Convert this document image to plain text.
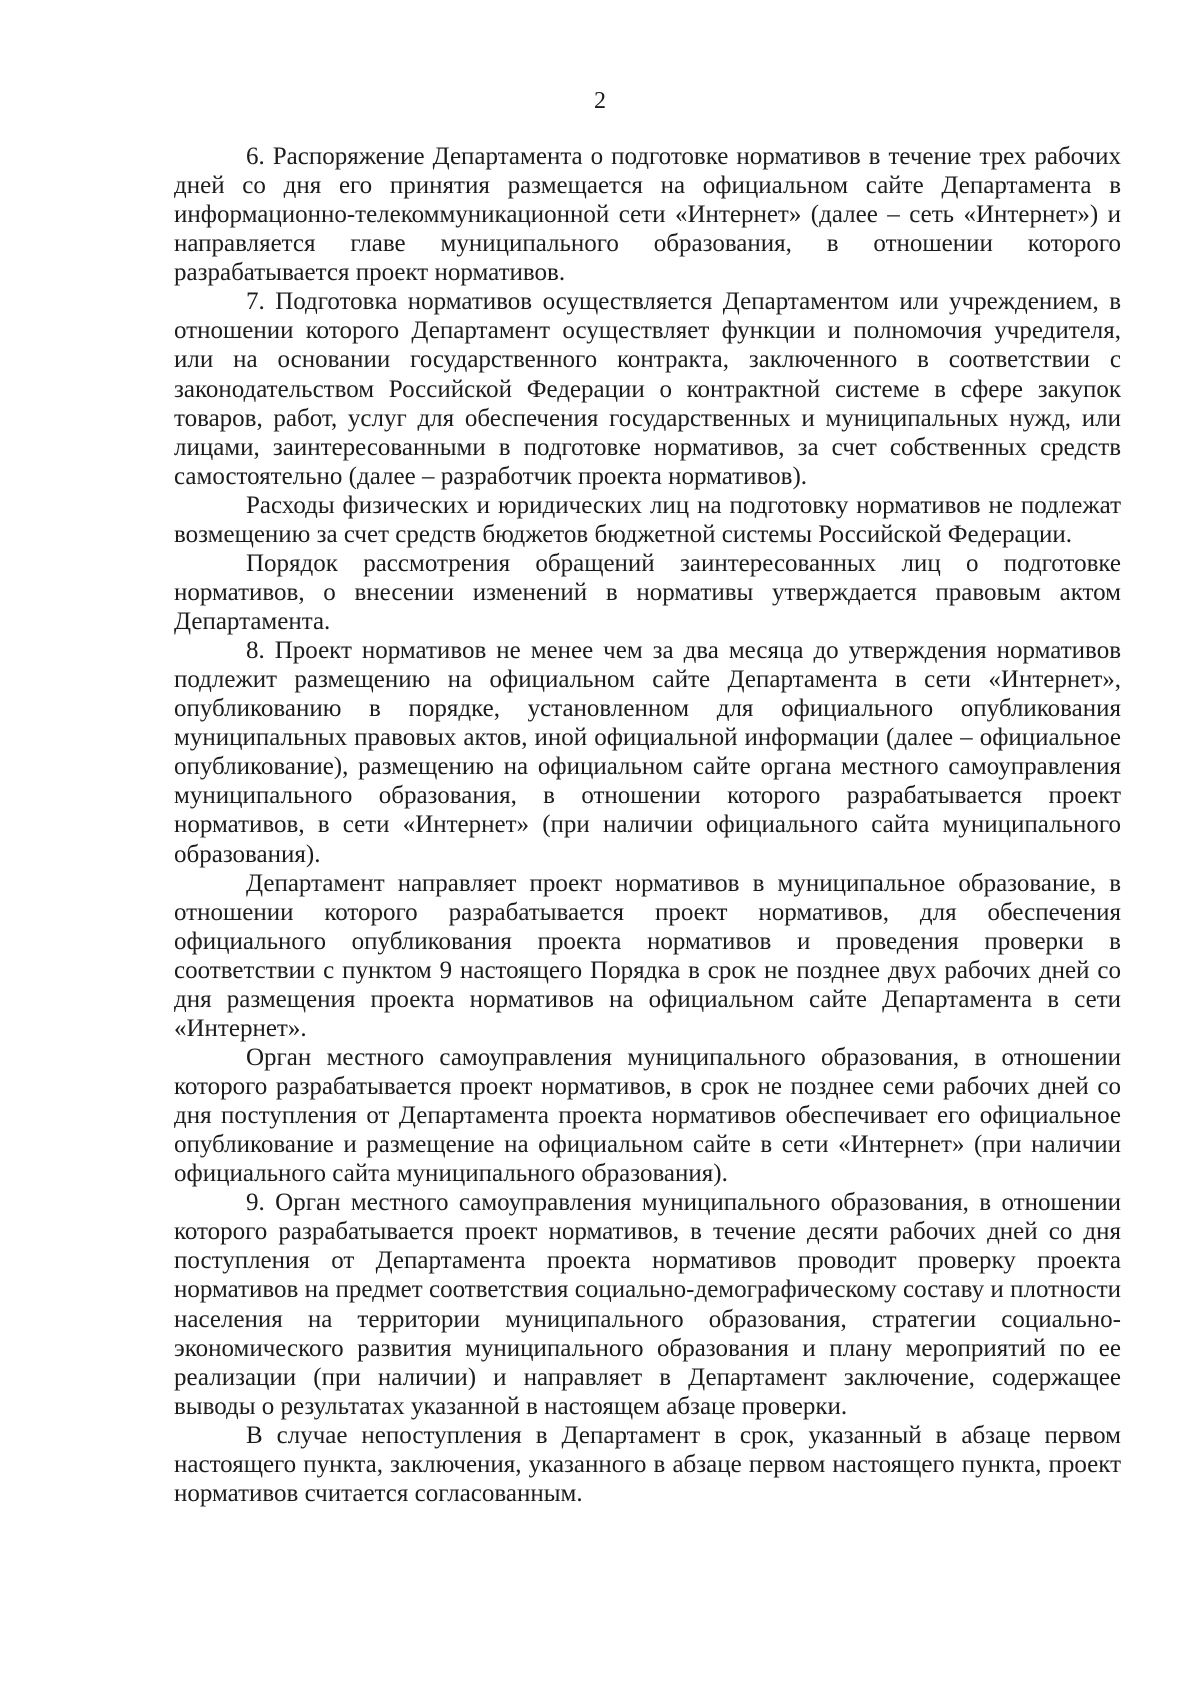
2

6. Распоряжение Департамента о подготовке нормативов в течение трех рабочих дней со дня его принятия размещается на официальном сайте Департамента в информационно-телекоммуникационной сети «Интернет» (далее – сеть «Интернет») и направляется главе муниципального образования, в отношении которого разрабатывается проект нормативов.

7. Подготовка нормативов осуществляется Департаментом или учреждением, в отношении которого Департамент осуществляет функции и полномочия учредителя, или на основании государственного контракта, заключенного в соответствии с законодательством Российской Федерации о контрактной системе в сфере закупок товаров, работ, услуг для обеспечения государственных и муниципальных нужд, или лицами, заинтересованными в подготовке нормативов, за счет собственных средств самостоятельно (далее – разработчик проекта нормативов).

Расходы физических и юридических лиц на подготовку нормативов не подлежат возмещению за счет средств бюджетов бюджетной системы Российской Федерации.

Порядок рассмотрения обращений заинтересованных лиц о подготовке нормативов, о внесении изменений в нормативы утверждается правовым актом Департамента.

8. Проект нормативов не менее чем за два месяца до утверждения нормативов подлежит размещению на официальном сайте Департамента в сети «Интернет», опубликованию в порядке, установленном для официального опубликования муниципальных правовых актов, иной официальной информации (далее – официальное опубликование), размещению на официальном сайте органа местного самоуправления муниципального образования, в отношении которого разрабатывается проект нормативов, в сети «Интернет» (при наличии официального сайта муниципального образования).

Департамент направляет проект нормативов в муниципальное образование, в отношении которого разрабатывается проект нормативов, для обеспечения официального опубликования проекта нормативов и проведения проверки в соответствии с пунктом 9 настоящего Порядка в срок не позднее двух рабочих дней со дня размещения проекта нормативов на официальном сайте Департамента в сети «Интернет».

Орган местного самоуправления муниципального образования, в отношении которого разрабатывается проект нормативов, в срок не позднее семи рабочих дней со дня поступления от Департамента проекта нормативов обеспечивает его официальное опубликование и размещение на официальном сайте в сети «Интернет» (при наличии официального сайта муниципального образования).

9. Орган местного самоуправления муниципального образования, в отношении которого разрабатывается проект нормативов, в течение десяти рабочих дней со дня поступления от Департамента проекта нормативов проводит проверку проекта нормативов на предмет соответствия социально-демографическому составу и плотности населения на территории муниципального образования, стратегии социально-экономического развития муниципального образования и плану мероприятий по ее реализации (при наличии) и направляет в Департамент заключение, содержащее выводы о результатах указанной в настоящем абзаце проверки.

В случае непоступления в Департамент в срок, указанный в абзаце первом настоящего пункта, заключения, указанного в абзаце первом настоящего пункта, проект нормативов считается согласованным.
